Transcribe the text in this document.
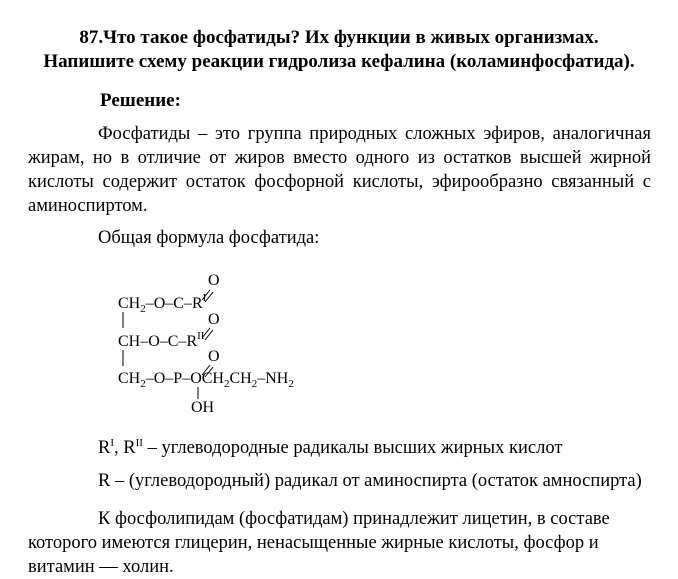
87.Что такое фосфатиды? Их функции в живых организмах.
Напишите схему реакции гидролиза кефалина (коламинфосфатида).
Решение:
Фосфатиды – это группа природных сложных эфиров, аналогичная жирам, но в отличие от жиров вместо одного из остатков высшей жирной кислоты содержит остаток фосфорной кислоты, эфирообразно связанный с аминоспиртом.
Общая формула фосфатида:
O
$CH_2-O-C-R^I$
O
$CH-O-C-R^{II}$
O
$CH_2-O-P-OCH_2CH_2-NH_2$
OH
$R^I$, $R^{II}$ – углеводородные радикалы высших жирных кислот
R – (углеводородный) радикал от аминоспирта (остаток амноспирта)
К фосфолипидам (фосфатидам) принадлежит лицетин, в составе которого имеются глицерин, ненасыщенные жирные кислоты, фосфор и витамин — холин.
